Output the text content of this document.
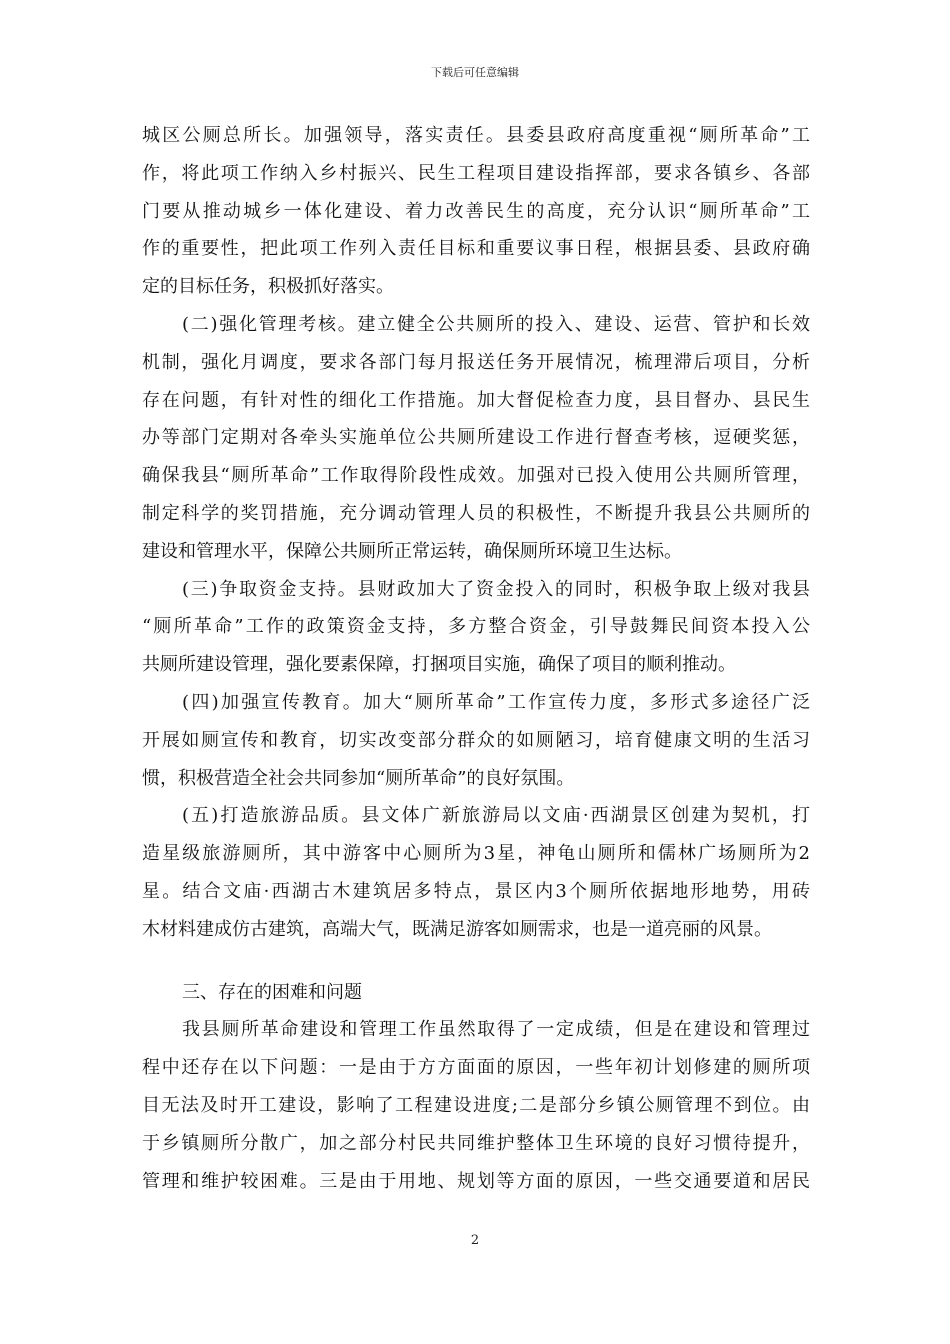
下载后可任意编辑
城区公厕总所长。加强领导，落实责任。县委县政府高度重视“厕所革命”工
作，将此项工作纳入乡村振兴、民生工程项目建设指挥部，要求各镇乡、各部
门要从推动城乡一体化建设、着力改善民生的高度，充分认识“厕所革命”工
作的重要性，把此项工作列入责任目标和重要议事日程，根据县委、县政府确
定的目标任务，积极抓好落实。
(二)强化管理考核。建立健全公共厕所的投入、建设、运营、管护和长效
机制，强化月调度，要求各部门每月报送任务开展情况，梳理滞后项目，分析
存在问题，有针对性的细化工作措施。加大督促检查力度，县目督办、县民生
办等部门定期对各牵头实施单位公共厕所建设工作进行督查考核，逗硬奖惩，
确保我县“厕所革命”工作取得阶段性成效。加强对已投入使用公共厕所管理，
制定科学的奖罚措施，充分调动管理人员的积极性，不断提升我县公共厕所的
建设和管理水平，保障公共厕所正常运转，确保厕所环境卫生达标。
(三)争取资金支持。县财政加大了资金投入的同时，积极争取上级对我县
“厕所革命”工作的政策资金支持，多方整合资金，引导鼓舞民间资本投入公
共厕所建设管理，强化要素保障，打捆项目实施，确保了项目的顺利推动。
(四)加强宣传教育。加大“厕所革命”工作宣传力度，多形式多途径广泛
开展如厕宣传和教育，切实改变部分群众的如厕陋习，培育健康文明的生活习
惯，积极营造全社会共同参加“厕所革命”的良好氛围。
(五)打造旅游品质。县文体广新旅游局以文庙·西湖景区创建为契机，打
造星级旅游厕所，其中游客中心厕所为3星，神龟山厕所和儒林广场厕所为2
星。结合文庙·西湖古木建筑居多特点，景区内3个厕所依据地形地势，用砖
木材料建成仿古建筑，高端大气，既满足游客如厕需求，也是一道亮丽的风景。
三、存在的困难和问题
我县厕所革命建设和管理工作虽然取得了一定成绩，但是在建设和管理过
程中还存在以下问题：一是由于方方面面的原因，一些年初计划修建的厕所项
目无法及时开工建设，影响了工程建设进度;二是部分乡镇公厕管理不到位。由
于乡镇厕所分散广，加之部分村民共同维护整体卫生环境的良好习惯待提升，
管理和维护较困难。三是由于用地、规划等方面的原因，一些交通要道和居民
2
